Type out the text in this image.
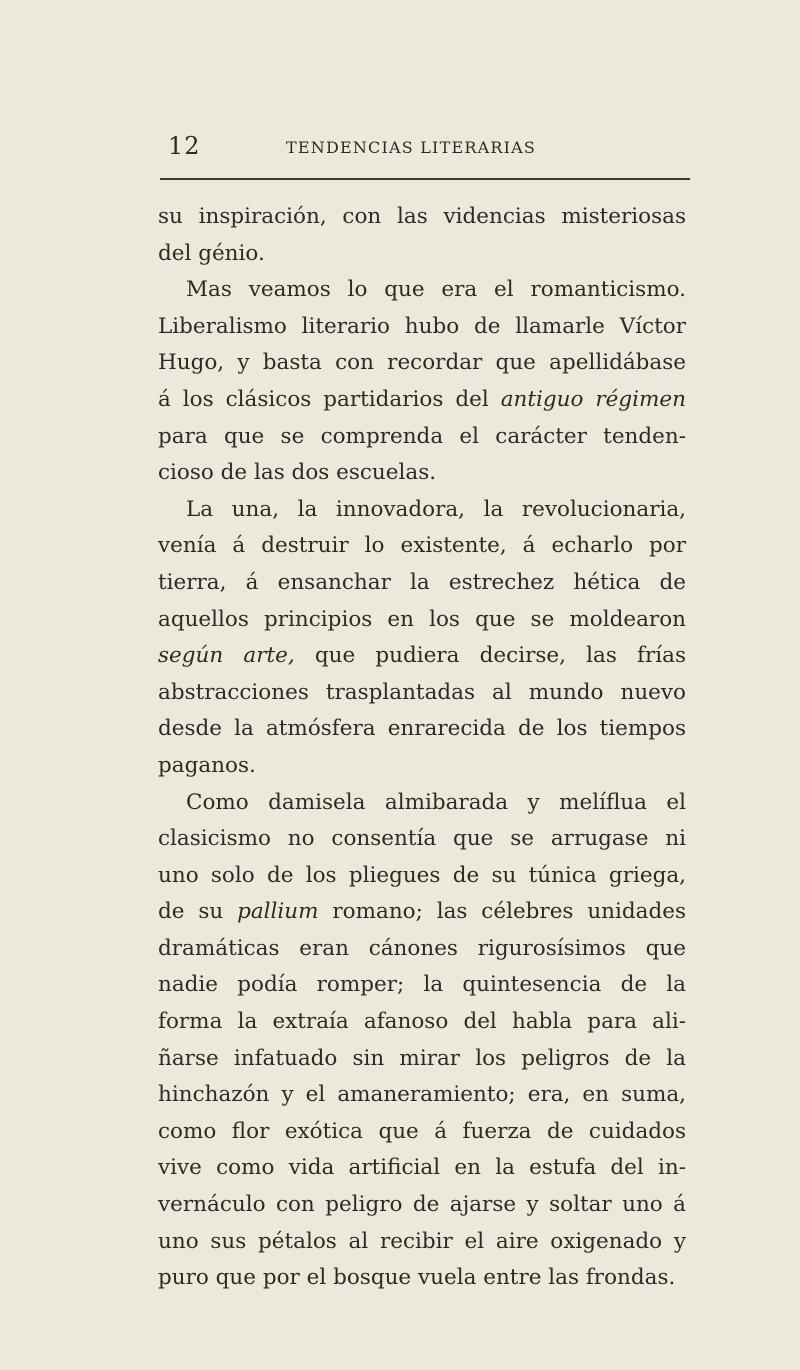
12	TENDENCIAS LITERARIAS
su inspiración, con las videncias misteriosas
del génio.
Mas veamos lo que era el romanticismo.
Liberalismo literario hubo de llamarle Víctor
Hugo, y basta con recordar que apellidábase
á los clásicos partidarios del antiguo régimen
para que se comprenda el carácter tenden-
cioso de las dos escuelas.
La una, la innovadora, la revolucionaria,
venía á destruir lo existente, á echarlo por
tierra, á ensanchar la estrechez hética de
aquellos principios en los que se moldearon
según arte, que pudiera decirse, las frías
abstracciones trasplantadas al mundo nuevo
desde la atmósfera enrarecida de los tiempos
paganos.
Como damisela almibarada y melíflua el
clasicismo no consentía que se arrugase ni
uno solo de los pliegues de su túnica griega,
de su pallium romano; las célebres unidades
dramáticas eran cánones rigurosísimos que
nadie podía romper; la quintesencia de la
forma la extraía afanoso del habla para ali-
ñarse infatuado sin mirar los peligros de la
hinchazón y el amaneramiento; era, en suma,
como flor exótica que á fuerza de cuidados
vive como vida artificial en la estufa del in-
vernáculo con peligro de ajarse y soltar uno á
uno sus pétalos al recibir el aire oxigenado y
puro que por el bosque vuela entre las frondas.
